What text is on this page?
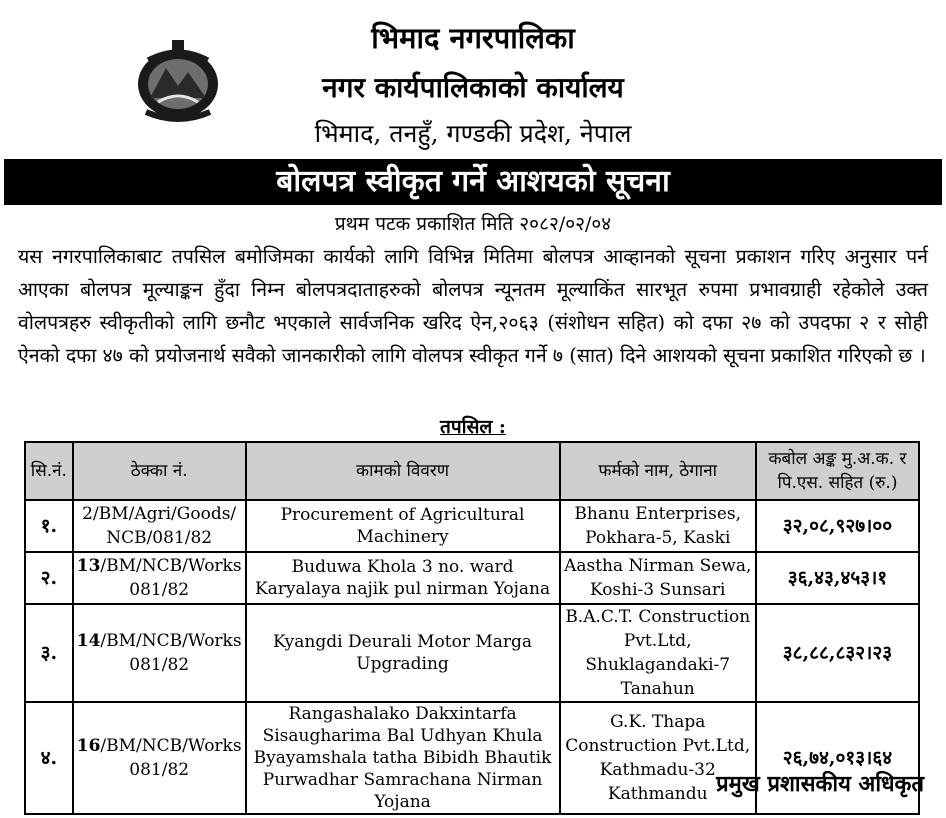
भिमाद नगरपालिका
नगर कार्यपालिकाको कार्यालय
भिमाद, तनहुँ, गण्डकी प्रदेश, नेपाल
बोलपत्र स्वीकृत गर्ने आशयको सूचना
प्रथम पटक प्रकाशित मिति २०८२/०२/०४
यस नगरपालिकाबाट तपसिल बमोजिमका कार्यको लागि विभिन्न मितिमा बोलपत्र आव्हानको सूचना प्रकाशन गरिए अनुसार पर्न आएका बोलपत्र मूल्याङ्कन हुँदा निम्न बोलपत्रदाताहरुको बोलपत्र न्यूनतम मूल्याकिंत सारभूत रुपमा प्रभावग्राही रहेकोले उक्त वोलपत्रहरु स्वीकृतीको लागि छनौट भएकाले सार्वजनिक खरिद ऐन,२०६३ (संशोधन सहित) को दफा २७ को उपदफा २ र सोही ऐनको दफा ४७ को प्रयोजनार्थ सवैको जानकारीको लागि वोलपत्र स्वीकृत गर्ने ७ (सात) दिने आशयको सूचना प्रकाशित गरिएको छ ।
तपसिल :
सि.नं.	ठेक्का नं.	कामको विवरण	फर्मको नाम, ठेगाना	कबोल अङ्क मु.अ.क. र पि.एस. सहित (रु.)
१.	2/BM/Agri/Goods/ NCB/081/82	Procurement of Agricultural Machinery	Bhanu Enterprises, Pokhara-5, Kaski	३२,०८,९२७।००
२.	13/BM/NCB/Works 081/82	Buduwa Khola 3 no. ward Karyalaya najik pul nirman Yojana	Aastha Nirman Sewa, Koshi-3 Sunsari	३६,४३,४५३।१
३.	14/BM/NCB/Works 081/82	Kyangdi Deurali Motor Marga Upgrading	B.A.C.T. Construction Pvt.Ltd, Shuklagandaki-7 Tanahun	३८,८८,८३२।२३
४.	16/BM/NCB/Works 081/82	Rangashalako Dakxintarfa Sisaugharima Bal Udhyan Khula Byayamshala tatha Bibidh Bhautik Purwadhar Samrachana Nirman Yojana	G.K. Thapa Construction Pvt.Ltd, Kathmadu-32 Kathmandu	२६,७४,०१३।६४
प्रमुख प्रशासकीय अधिकृत
